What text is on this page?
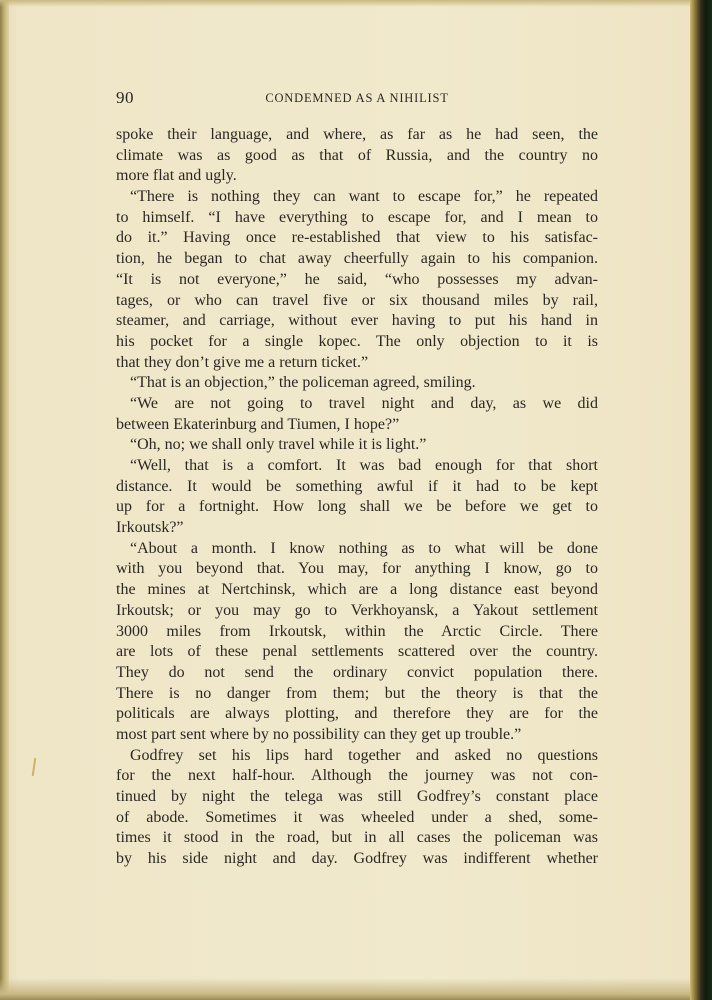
90	CONDEMNED AS A NIHILIST
spoke their language, and where, as far as he had seen, the
climate was as good as that of Russia, and the country no
more flat and ugly.
“There is nothing they can want to escape for,” he repeated
to himself. “I have everything to escape for, and I mean to
do it.” Having once re-established that view to his satisfac-
tion, he began to chat away cheerfully again to his companion.
“It is not everyone,” he said, “who possesses my advan-
tages, or who can travel five or six thousand miles by rail,
steamer, and carriage, without ever having to put his hand in
his pocket for a single kopec. The only objection to it is
that they don’t give me a return ticket.”
“That is an objection,” the policeman agreed, smiling.
“We are not going to travel night and day, as we did
between Ekaterinburg and Tiumen, I hope?”
“Oh, no; we shall only travel while it is light.”
“Well, that is a comfort. It was bad enough for that short
distance. It would be something awful if it had to be kept
up for a fortnight. How long shall we be before we get to
Irkoutsk?”
“About a month. I know nothing as to what will be done
with you beyond that. You may, for anything I know, go to
the mines at Nertchinsk, which are a long distance east beyond
Irkoutsk; or you may go to Verkhoyansk, a Yakout settlement
3000 miles from Irkoutsk, within the Arctic Circle. There
are lots of these penal settlements scattered over the country.
They do not send the ordinary convict population there.
There is no danger from them; but the theory is that the
politicals are always plotting, and therefore they are for the
most part sent where by no possibility can they get up trouble.”
Godfrey set his lips hard together and asked no questions
for the next half-hour. Although the journey was not con-
tinued by night the telega was still Godfrey’s constant place
of abode. Sometimes it was wheeled under a shed, some-
times it stood in the road, but in all cases the policeman was
by his side night and day. Godfrey was indifferent whether
